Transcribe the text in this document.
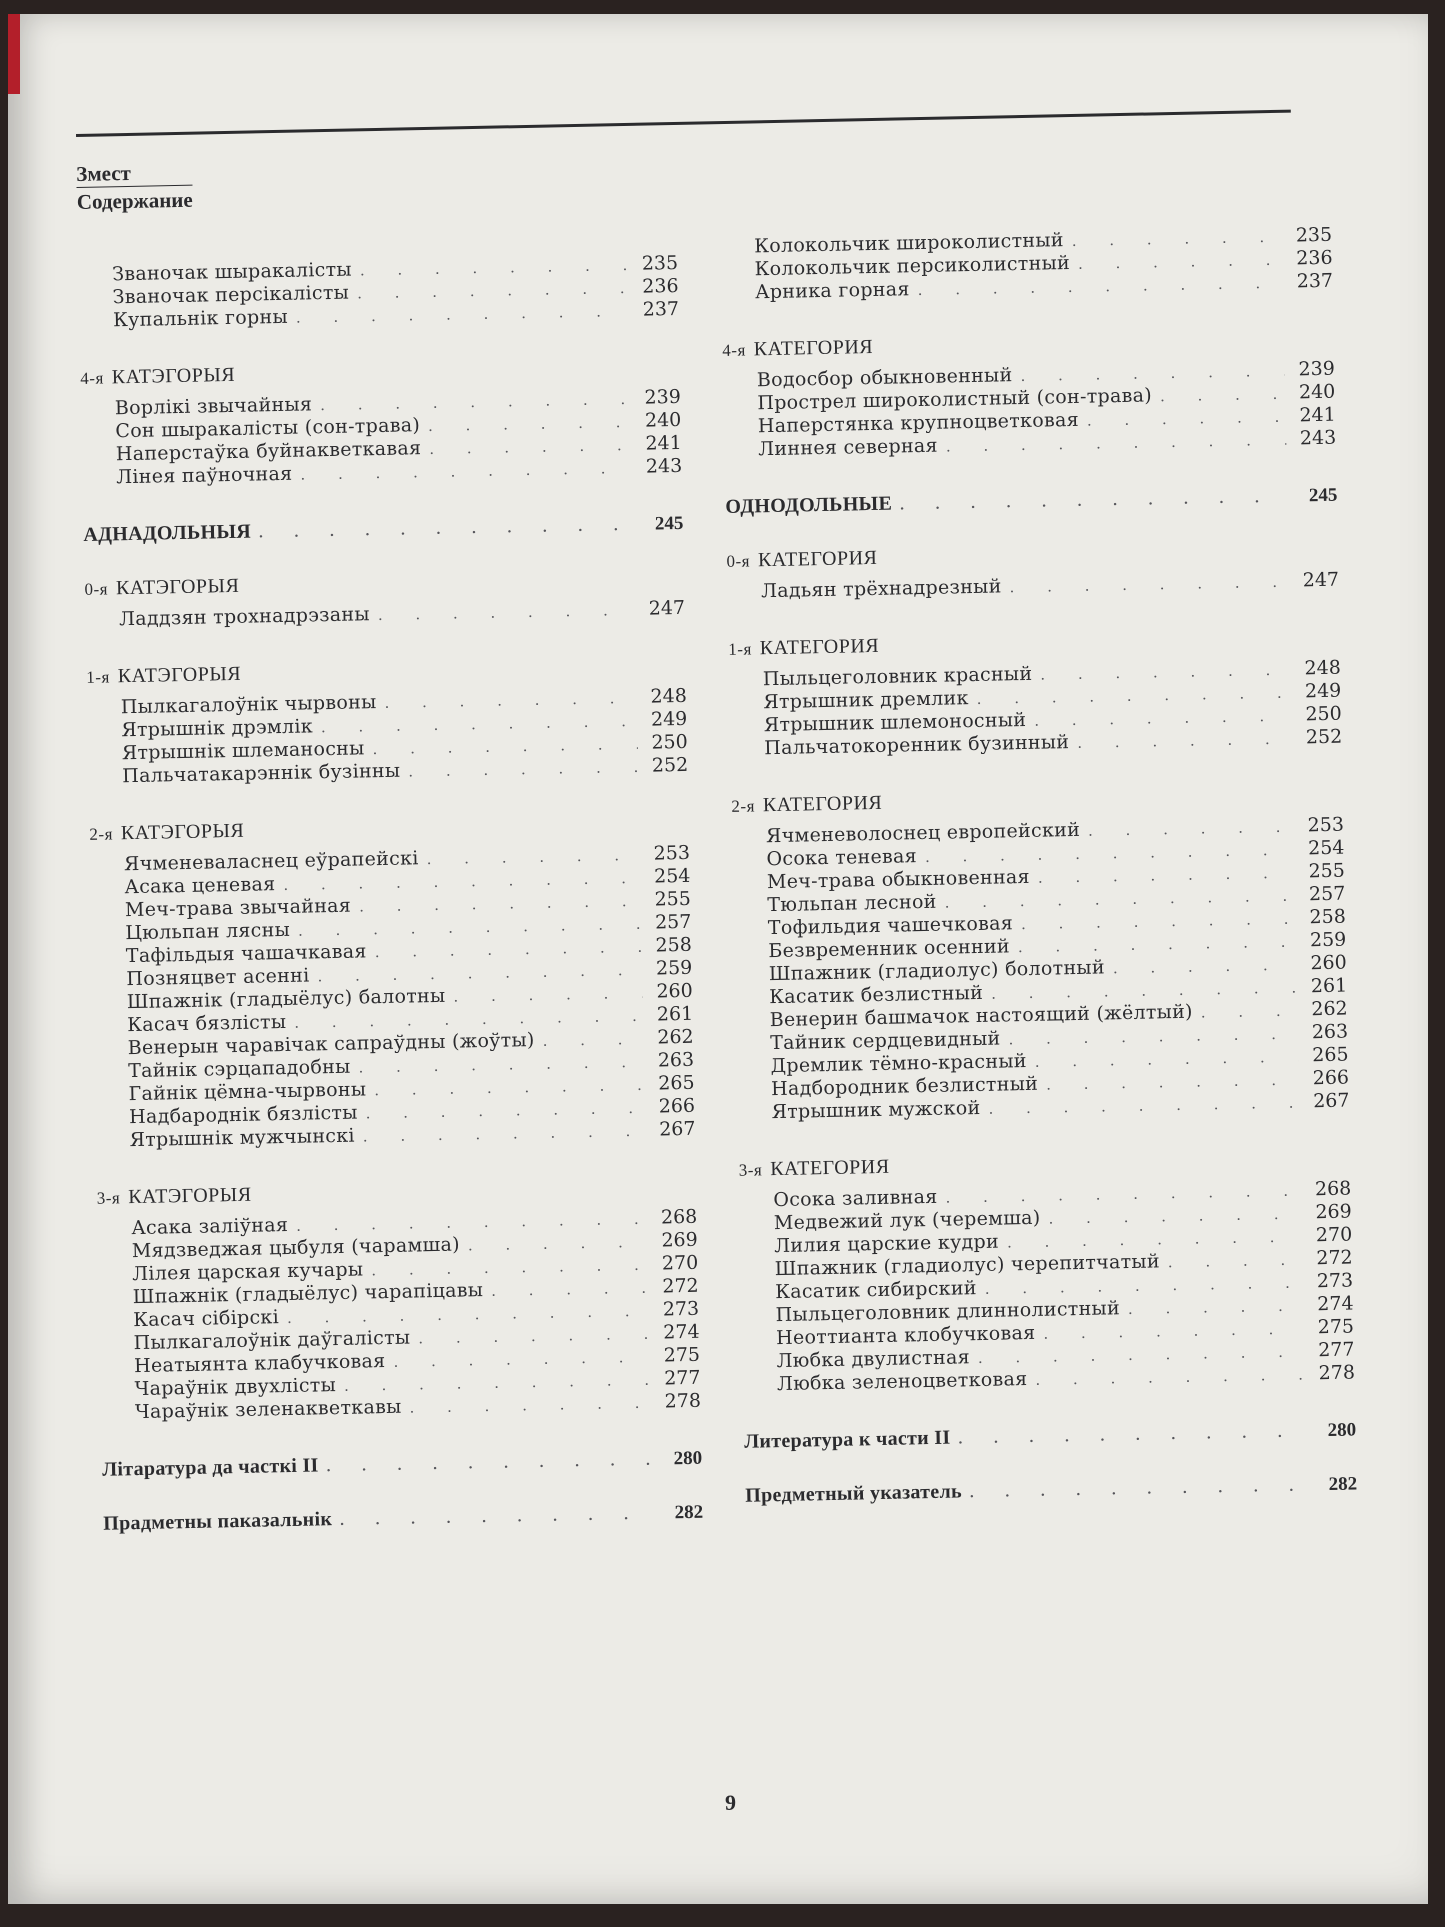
Змест
Содержание
Званочак шыракалісты . . .	235
Званочак персікалісты . . .	236
Купальнік горны . . .	237
4-я КАТЭГОРЫЯ
Ворлікі звычайныя . . .	239
Сон шыракалісты (сон-трава) . . .	240
Наперстаўка буйнакветкавая . . .	241
Лінея паўночная . . .	243
АДНАДОЛЬНЫЯ . . .	245
0-я КАТЭГОРЫЯ
Ладдзян трохнадрэзаны . . .	247
1-я КАТЭГОРЫЯ
Пылкагалоўнік чырвоны . . .	248
Ятрышнік дрэмлік . . .	249
Ятрышнік шлеманосны . . .	250
Пальчатакарэннік бузінны . . .	252
2-я КАТЭГОРЫЯ
Ячменевалаcнец еўрапейскі . . .	253
Асака ценевая . . .	254
Меч-трава звычайная . . .	255
Цюльпан лясны . . .	257
Тафільдыя чашачкавая . . .	258
Позняцвет асенні . . .	259
Шпажнік (гладыёлус) балотны . . .	260
Касач бязлісты . . .	261
Венерын чаравічак сапраўдны (жоўты) . . .	262
Тайнік сэрцападобны . . .	263
Гайнік цёмна-чырвоны . . .	265
Надбароднік бязлісты . . .	266
Ятрышнік мужчынскі . . .	267
3-я КАТЭГОРЫЯ
Асака заліўная . . .	268
Мядзведжая цыбуля (чарамша) . . .	269
Лілея царская кучары . . .	270
Шпажнік (гладыёлус) чарапіцавы . . .	272
Касач сібірскі . . .	273
Пылкагалоўнік даўгалісты . . .	274
Неатыянта клабучковая . . .	275
Чараўнік двухлісты . . .	277
Чараўнік зеленакветкавы . . .	278
Літаратура да часткі II . . .	280
Прадметны паказальнік . . .	282
Колокольчик широколистный . . .	235
Колокольчик персиколистный . . .	236
Арника горная . . .	237
4-я КАТЕГОРИЯ
Водосбор обыкновенный . . .	239
Прострел широколистный (сон-трава) . . .	240
Наперстянка крупноцветковая . . .	241
Линнея северная . . .	243
ОДНОДОЛЬНЫЕ . . .	245
0-я КАТЕГОРИЯ
Ладьян трёхнадрезный . . .	247
1-я КАТЕГОРИЯ
Пыльцеголовник красный . . .	248
Ятрышник дремлик . . .	249
Ятрышник шлемоносный . . .	250
Пальчатокоренник бузинный . . .	252
2-я КАТЕГОРИЯ
Ячменеволоснец европейский . . .	253
Осока теневая . . .	254
Меч-трава обыкновенная . . .	255
Тюльпан лесной . . .	257
Тофильдия чашечковая . . .	258
Безвременник осенний . . .	259
Шпажник (гладиолус) болотный . . .	260
Касатик безлистный . . .	261
Венерин башмачок настоящий (жёлтый) . . .	262
Тайник сердцевидный . . .	263
Дремлик тёмно-красный . . .	265
Надбородник безлистный . . .	266
Ятрышник мужской . . .	267
3-я КАТЕГОРИЯ
Осока заливная . . .	268
Медвежий лук (черемша) . . .	269
Лилия царские кудри . . .	270
Шпажник (гладиолус) черепитчатый . . .	272
Касатик сибирский . . .	273
Пыльцеголовник длиннолистный . . .	274
Неоттианта клобучковая . . .	275
Любка двулистная . . .	277
Любка зеленоцветковая . . .	278
Литература к части II . . .	280
Предметный указатель . . .	282
9
